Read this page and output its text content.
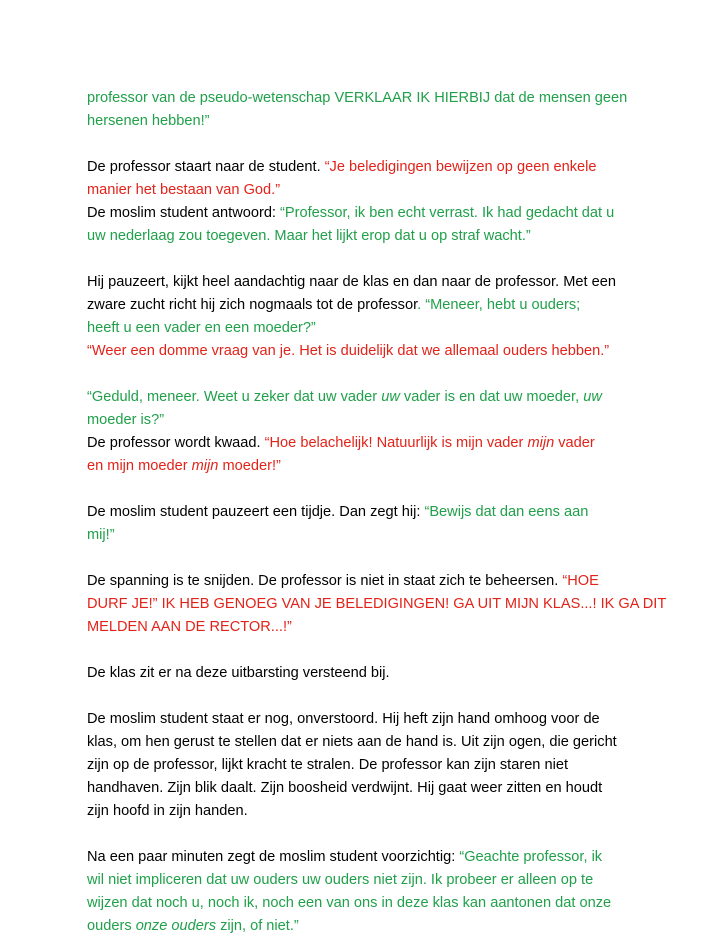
professor van de pseudo-wetenschap VERKLAAR IK HIERBIJ dat de mensen geen
hersenen hebben!”

De professor staart naar de student. “Je beledigingen bewijzen op geen enkele
manier het bestaan van God.”
De moslim student antwoord: “Professor, ik ben echt verrast. Ik had gedacht dat u
uw nederlaag zou toegeven. Maar het lijkt erop dat u op straf wacht.”

Hij pauzeert, kijkt heel aandachtig naar de klas en dan naar de professor. Met een
zware zucht richt hij zich nogmaals tot de professor. “Meneer, hebt u ouders;
heeft u een vader en een moeder?”
“Weer een domme vraag van je. Het is duidelijk dat we allemaal ouders hebben.”

“Geduld, meneer. Weet u zeker dat uw vader uw vader is en dat uw moeder, uw
moeder is?”
De professor wordt kwaad. “Hoe belachelijk! Natuurlijk is mijn vader mijn vader
en mijn moeder mijn moeder!”

De moslim student pauzeert een tijdje. Dan zegt hij: “Bewijs dat dan eens aan
mij!”

De spanning is te snijden. De professor is niet in staat zich te beheersen. “HOE
DURF JE!” IK HEB GENOEG VAN JE BELEDIGINGEN! GA UIT MIJN KLAS...! IK GA DIT
MELDEN AAN DE RECTOR...!”

De klas zit er na deze uitbarsting versteend bij.

De moslim student staat er nog, onverstoord. Hij heft zijn hand omhoog voor de
klas, om hen gerust te stellen dat er niets aan de hand is. Uit zijn ogen, die gericht
zijn op de professor, lijkt kracht te stralen. De professor kan zijn staren niet
handhaven. Zijn blik daalt. Zijn boosheid verdwijnt. Hij gaat weer zitten en houdt
zijn hoofd in zijn handen.

Na een paar minuten zegt de moslim student voorzichtig: “Geachte professor, ik
wil niet impliceren dat uw ouders uw ouders niet zijn. Ik probeer er alleen op te
wijzen dat noch u, noch ik, noch een van ons in deze klas kan aantonen dat onze
ouders onze ouders zijn, of niet.”
